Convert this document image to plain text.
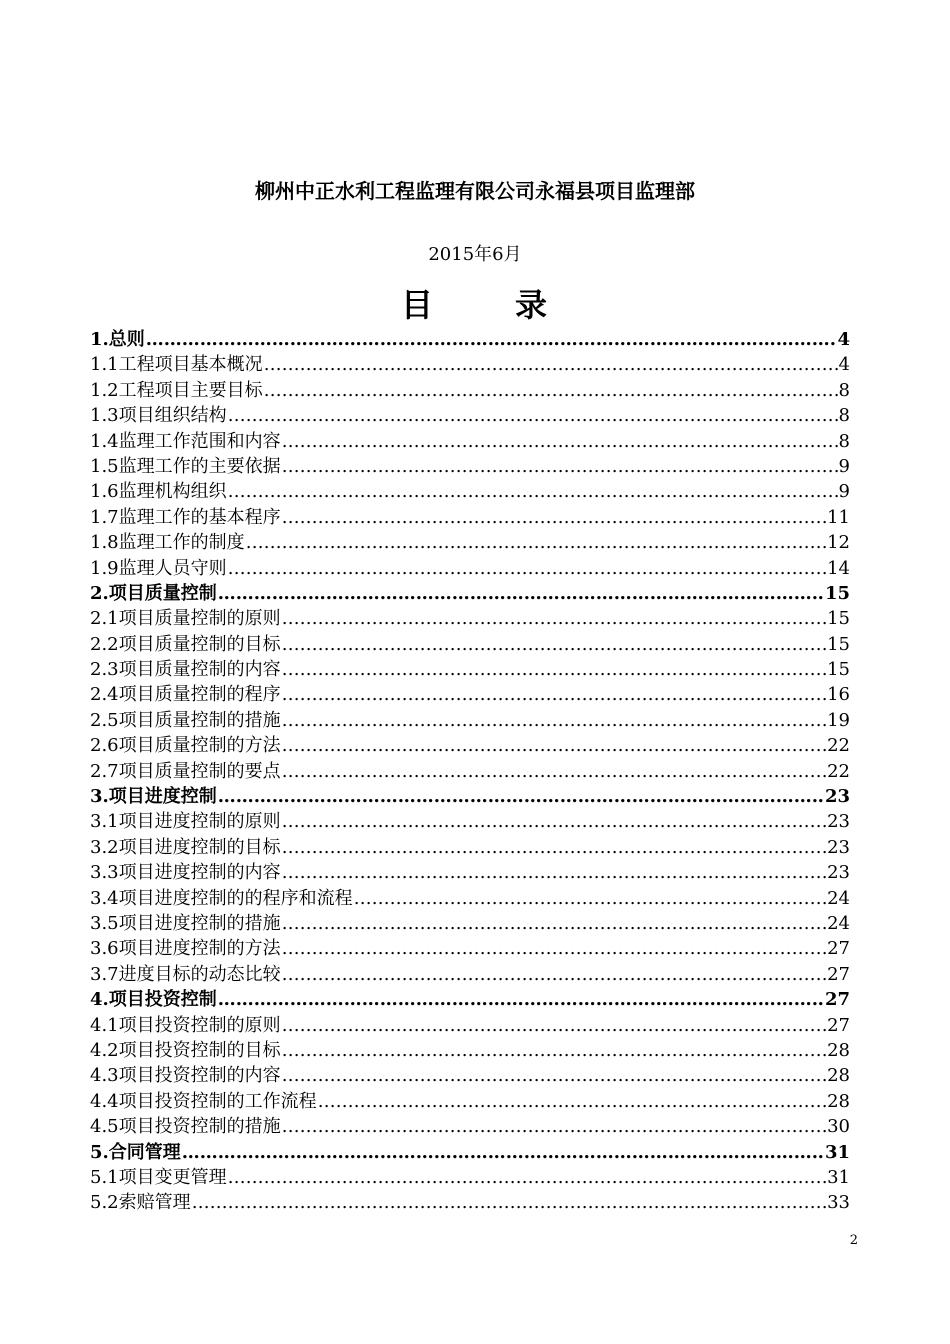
柳州中正水利工程监理有限公司永福县项目监理部
2015年6月
目	录
1.总则 ……………………………………………………………………………………………………………………………………………………………………………………………………	4
1.1工程项目基本概况 ……………………………………………………………………………………………………………………………………………………………………………………………………	4
1.2工程项目主要目标 ……………………………………………………………………………………………………………………………………………………………………………………………………	8
1.3项目组织结构 ……………………………………………………………………………………………………………………………………………………………………………………………………	8
1.4监理工作范围和内容 ……………………………………………………………………………………………………………………………………………………………………………………………………	8
1.5监理工作的主要依据 ……………………………………………………………………………………………………………………………………………………………………………………………………	9
1.6监理机构组织 ……………………………………………………………………………………………………………………………………………………………………………………………………	9
1.7监理工作的基本程序 ……………………………………………………………………………………………………………………………………………………………………………………………………	11
1.8监理工作的制度 ……………………………………………………………………………………………………………………………………………………………………………………………………	12
1.9监理人员守则 ……………………………………………………………………………………………………………………………………………………………………………………………………	14
2.项目质量控制 ……………………………………………………………………………………………………………………………………………………………………………………………………	15
2.1项目质量控制的原则 ……………………………………………………………………………………………………………………………………………………………………………………………………	15
2.2项目质量控制的目标 ……………………………………………………………………………………………………………………………………………………………………………………………………	15
2.3项目质量控制的内容 ……………………………………………………………………………………………………………………………………………………………………………………………………	15
2.4项目质量控制的程序 ……………………………………………………………………………………………………………………………………………………………………………………………………	16
2.5项目质量控制的措施 ……………………………………………………………………………………………………………………………………………………………………………………………………	19
2.6项目质量控制的方法 ……………………………………………………………………………………………………………………………………………………………………………………………………	22
2.7项目质量控制的要点 ……………………………………………………………………………………………………………………………………………………………………………………………………	22
3.项目进度控制 ……………………………………………………………………………………………………………………………………………………………………………………………………	23
3.1项目进度控制的原则 ……………………………………………………………………………………………………………………………………………………………………………………………………	23
3.2项目进度控制的目标 ……………………………………………………………………………………………………………………………………………………………………………………………………	23
3.3项目进度控制的内容 ……………………………………………………………………………………………………………………………………………………………………………………………………	23
3.4项目进度控制的的程序和流程 ……………………………………………………………………………………………………………………………………………………………………………………………………	24
3.5项目进度控制的措施 ……………………………………………………………………………………………………………………………………………………………………………………………………	24
3.6项目进度控制的方法 ……………………………………………………………………………………………………………………………………………………………………………………………………	27
3.7进度目标的动态比较 ……………………………………………………………………………………………………………………………………………………………………………………………………	27
4.项目投资控制 ……………………………………………………………………………………………………………………………………………………………………………………………………	27
4.1项目投资控制的原则 ……………………………………………………………………………………………………………………………………………………………………………………………………	27
4.2项目投资控制的目标 ……………………………………………………………………………………………………………………………………………………………………………………………………	28
4.3项目投资控制的内容 ……………………………………………………………………………………………………………………………………………………………………………………………………	28
4.4项目投资控制的工作流程 ……………………………………………………………………………………………………………………………………………………………………………………………………	28
4.5项目投资控制的措施 ……………………………………………………………………………………………………………………………………………………………………………………………………	30
5.合同管理 ……………………………………………………………………………………………………………………………………………………………………………………………………	31
5.1项目变更管理 ……………………………………………………………………………………………………………………………………………………………………………………………………	31
5.2索赔管理 ……………………………………………………………………………………………………………………………………………………………………………………………………	33
2
